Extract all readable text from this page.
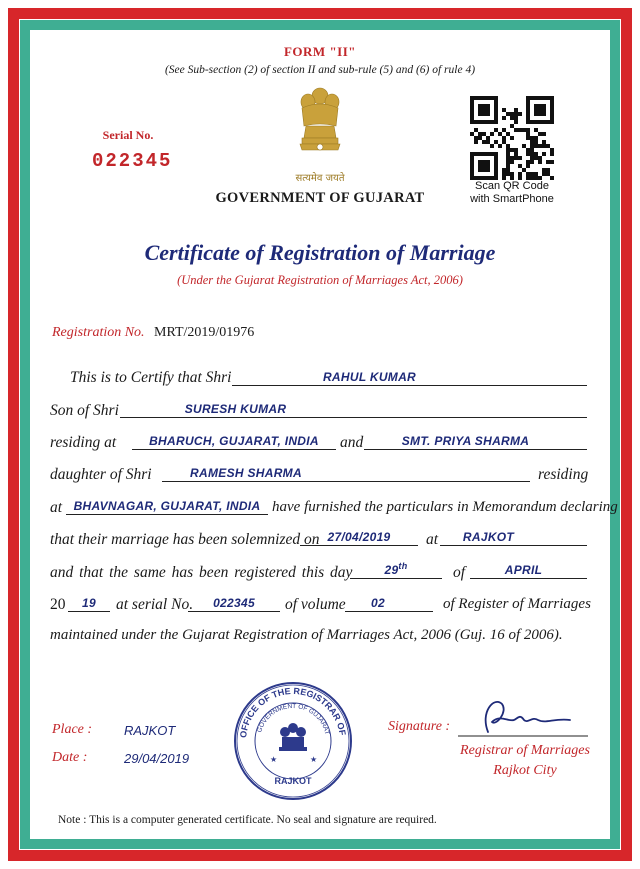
FORM "II"
(See Sub-section (2) of section II and sub-rule (5) and (6) of rule 4)
Serial No.
022345
सत्यमेव जयते
GOVERNMENT OF GUJARAT
Scan QR Code
with SmartPhone
Certificate of Registration of Marriage
(Under the Gujarat Registration of Marriages Act, 2006)
Registration No. MRT/2019/01976
This is to Certify that Shri	RAHUL KUMAR
Son of Shri	SURESH KUMAR
residing at	BHARUCH, GUJARAT, INDIA	and	SMT. PRIYA SHARMA
daughter of Shri	RAMESH SHARMA	residing
at BHAVNAGAR, GUJARAT, INDIA have furnished the particulars in Memorandum declaring
that their marriage has been solemnized on 27/04/2019	at	RAJKOT
and that the same has been registered this day	29th	of	APRIL
20	19	at serial No.	022345	of volume	02	of Register of Marriages
maintained under the Gujarat Registration of Marriages Act, 2006 (Guj. 16 of 2006).
Place : RAJKOT
Date :	29/04/2019
OFFICE OF THE REGISTRAR OF
GOVERNMENT OF GUJARAT
★	★
RAJKOT
Signature :
Registrar of Marriages
Rajkot City
Note : This is a computer generated certificate. No seal and signature are required.
